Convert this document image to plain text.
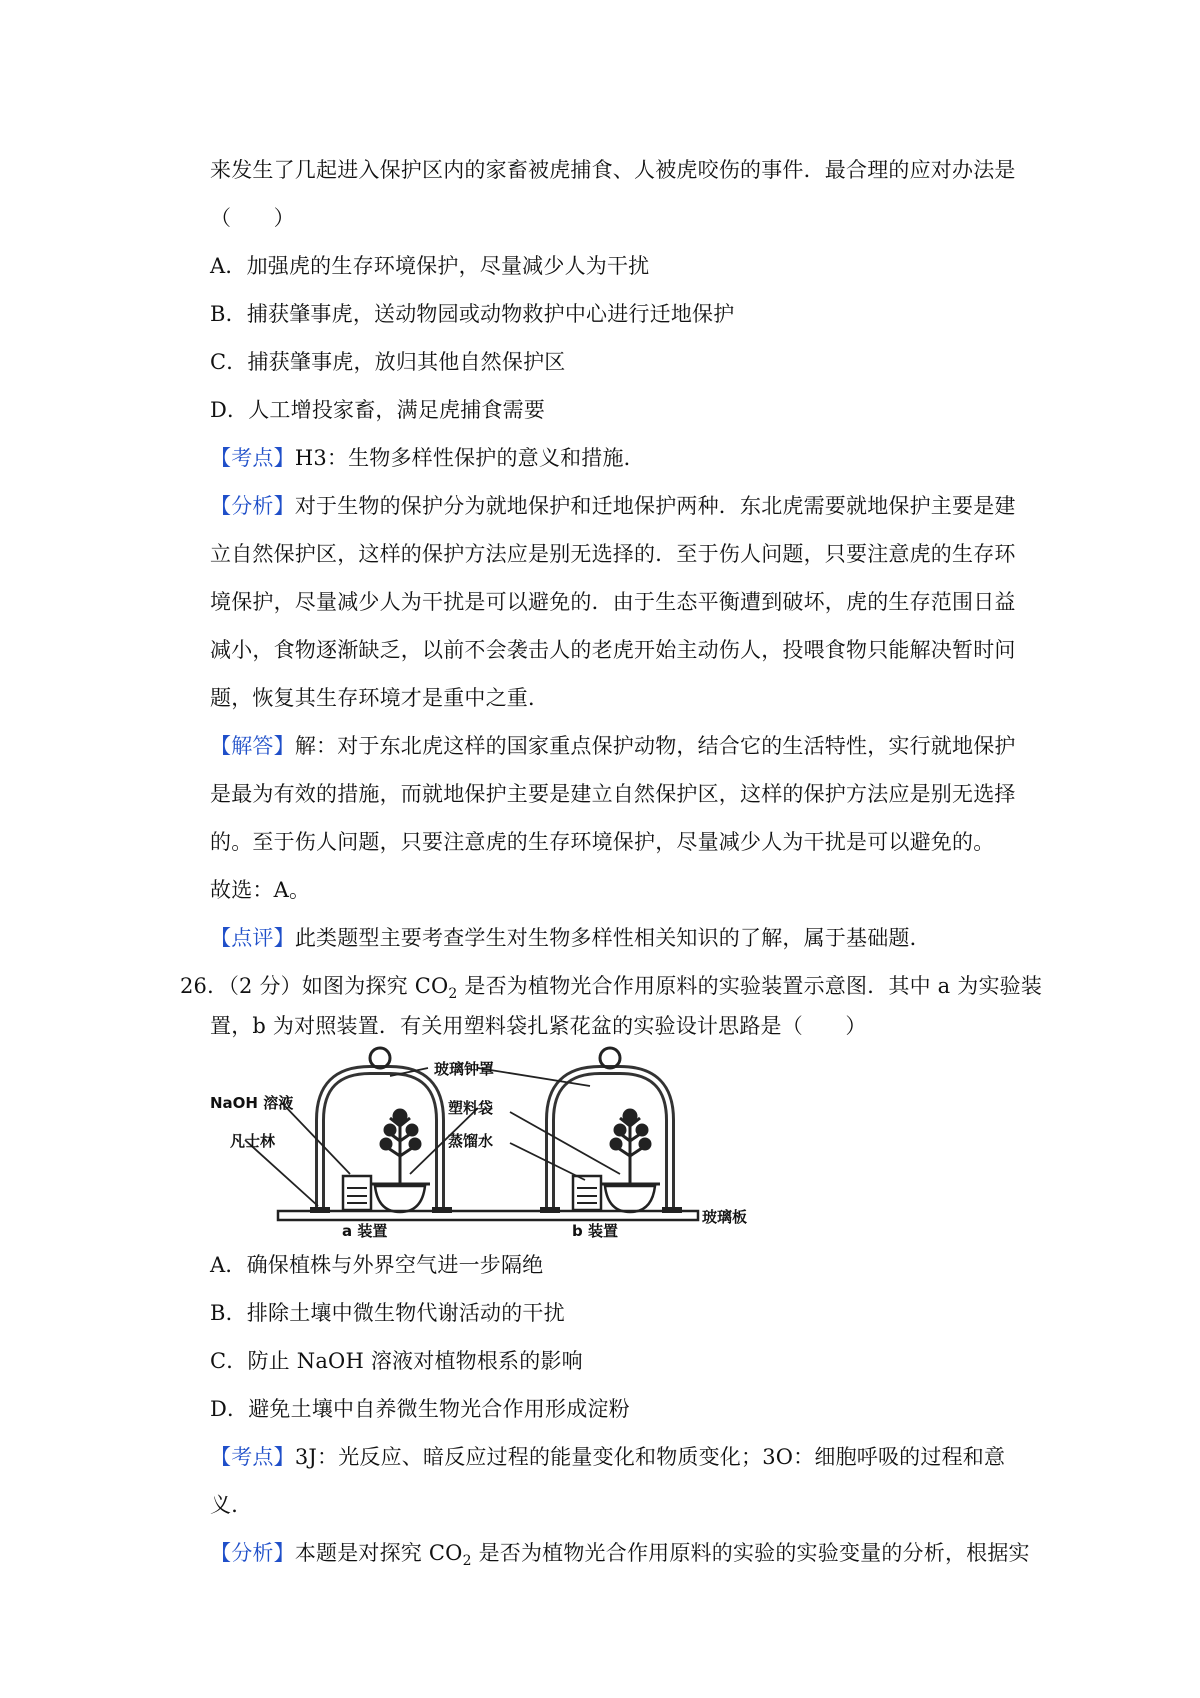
来发生了几起进入保护区内的家畜被虎捕食、人被虎咬伤的事件．最合理的应对办法是
（　　）
A．加强虎的生存环境保护，尽量减少人为干扰
B．捕获肇事虎，送动物园或动物救护中心进行迁地保护
C．捕获肇事虎，放归其他自然保护区
D．人工增投家畜，满足虎捕食需要
【考点】H3：生物多样性保护的意义和措施．
【分析】对于生物的保护分为就地保护和迁地保护两种．东北虎需要就地保护主要是建
立自然保护区，这样的保护方法应是别无选择的．至于伤人问题，只要注意虎的生存环
境保护，尽量减少人为干扰是可以避免的．由于生态平衡遭到破坏，虎的生存范围日益
减小，食物逐渐缺乏，以前不会袭击人的老虎开始主动伤人，投喂食物只能解决暂时问
题，恢复其生存环境才是重中之重．
【解答】解：对于东北虎这样的国家重点保护动物，结合它的生活特性，实行就地保护
是最为有效的措施，而就地保护主要是建立自然保护区，这样的保护方法应是别无选择
的。至于伤人问题，只要注意虎的生存环境保护，尽量减少人为干扰是可以避免的。
故选：A。
【点评】此类题型主要考查学生对生物多样性相关知识的了解，属于基础题．
26．（2 分）如图为探究 $CO_2$ 是否为植物光合作用原料的实验装置示意图．其中 a 为实验装
置，b 为对照装置．有关用塑料袋扎紧花盆的实验设计思路是（　　）
玻璃钟罩
NaOH 溶液	塑料袋
凡士林	蒸馏水
玻璃板
a 装置	b 装置
A．确保植株与外界空气进一步隔绝
B．排除土壤中微生物代谢活动的干扰
C．防止 NaOH 溶液对植物根系的影响
D．避免土壤中自养微生物光合作用形成淀粉
【考点】3J：光反应、暗反应过程的能量变化和物质变化；3O：细胞呼吸的过程和意
义．
【分析】本题是对探究 $CO_2$ 是否为植物光合作用原料的实验的实验变量的分析，根据实
